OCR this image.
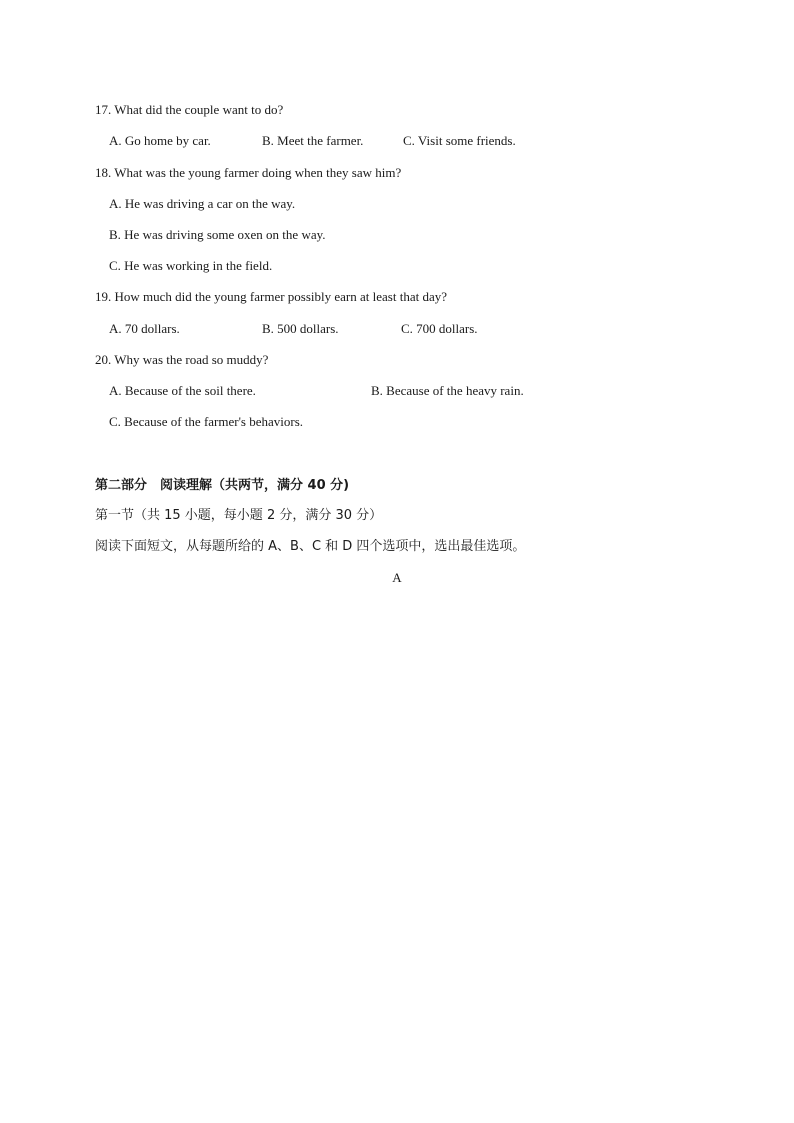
17. What did the couple want to do?
A. Go home by car.	B. Meet the farmer.	C. Visit some friends.
18. What was the young farmer doing when they saw him?
A. He was driving a car on the way.
B. He was driving some oxen on the way.
C. He was working in the field.
19. How much did the young farmer possibly earn at least that day?
A. 70 dollars.	B. 500 dollars.	C. 700 dollars.
20. Why was the road so muddy?
A. Because of the soil there.	B. Because of the heavy rain.
C. Because of the farmer's behaviors.
第二部分　阅读理解（共两节，满分 40 分)
第一节（共 15 小题，每小题 2 分，满分 30 分）
阅读下面短文，从每题所给的 A、B、C 和 D 四个选项中，选出最佳选项。
A
